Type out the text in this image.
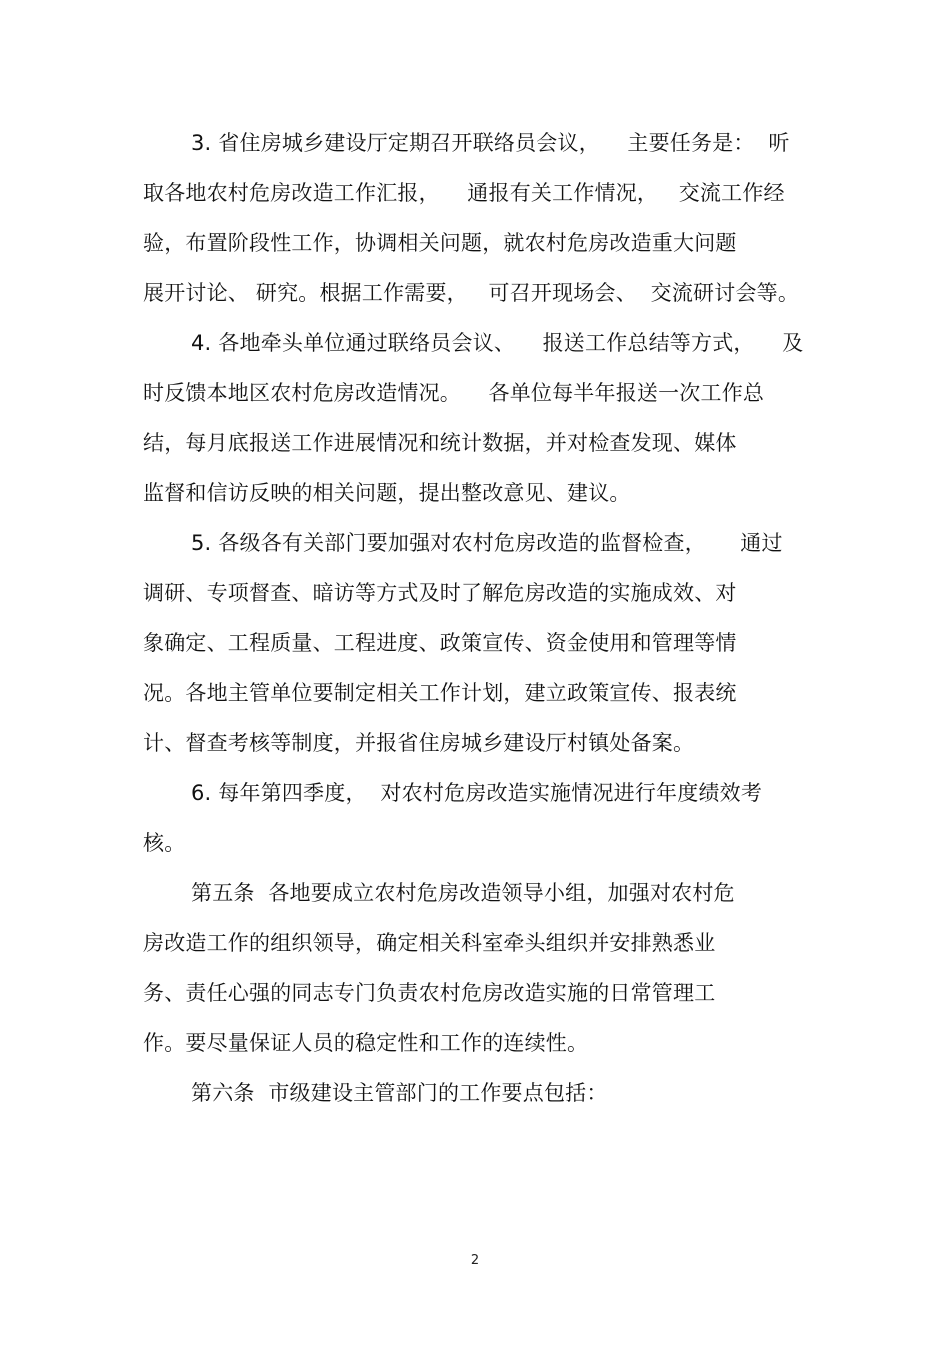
3. 省住房城乡建设厅定期召开联络员会议，    主要任务是：  听
取各地农村危房改造工作汇报，    通报有关工作情况，   交流工作经
验，布置阶段性工作，协调相关问题，就农村危房改造重大问题
展开讨论、 研究。根据工作需要，   可召开现场会、  交流研讨会等。
4. 各地牵头单位通过联络员会议、    报送工作总结等方式，    及
时反馈本地区农村危房改造情况。    各单位每半年报送一次工作总
结，每月底报送工作进展情况和统计数据，并对检查发现、媒体
监督和信访反映的相关问题，提出整改意见、建议。
5. 各级各有关部门要加强对农村危房改造的监督检查，     通过
调研、专项督查、暗访等方式及时了解危房改造的实施成效、对
象确定、工程质量、工程进度、政策宣传、资金使用和管理等情
况。各地主管单位要制定相关工作计划，建立政策宣传、报表统
计、督查考核等制度，并报省住房城乡建设厅村镇处备案。
6. 每年第四季度，  对农村危房改造实施情况进行年度绩效考
核。
第五条  各地要成立农村危房改造领导小组，加强对农村危
房改造工作的组织领导，确定相关科室牵头组织并安排熟悉业
务、责任心强的同志专门负责农村危房改造实施的日常管理工
作。要尽量保证人员的稳定性和工作的连续性。
第六条  市级建设主管部门的工作要点包括：
2
